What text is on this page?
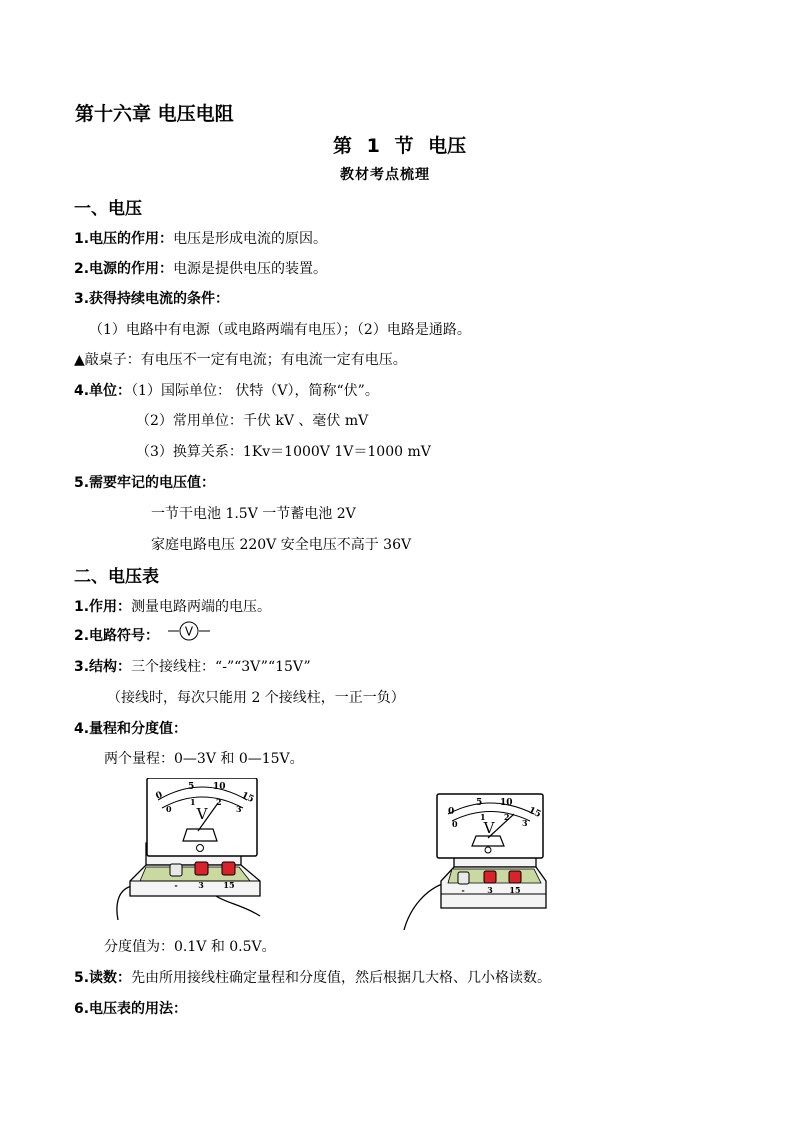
第十六章 电压电阻
第 1 节 电压
教材考点梳理
一、电压
1.电压的作用：电压是形成电流的原因。
2.电源的作用：电源是提供电压的装置。
3.获得持续电流的条件：
（1）电路中有电源（或电路两端有电压）；（2）电路是通路。
▲敲桌子：有电压不一定有电流；有电流一定有电压。
4.单位：（1）国际单位： 伏特（V），简称“伏”。
（2）常用单位：千伏 kV 、毫伏 mV
（3）换算关系：1Kv＝1000V 1V＝1000 mV
5.需要牢记的电压值：
一节干电池 1.5V 一节蓄电池 2V
家庭电路电压 220V 安全电压不高于 36V
二、电压表
1.作用：测量电路两端的电压。
2.电路符号： V
3.结构：三个接线柱：“-”“3V”“15V”
（接线时，每次只能用 2 个接线柱，一正一负）
4.量程和分度值：
两个量程：0—3V 和 0—15V。
0
5 10
15
0
1	2
3
V
-	3 15
0
5 10
15
0
1 2
3
V
-	3 15
分度值为：0.1V 和 0.5V。
5.读数：先由所用接线柱确定量程和分度值，然后根据几大格、几小格读数。
6.电压表的用法：
